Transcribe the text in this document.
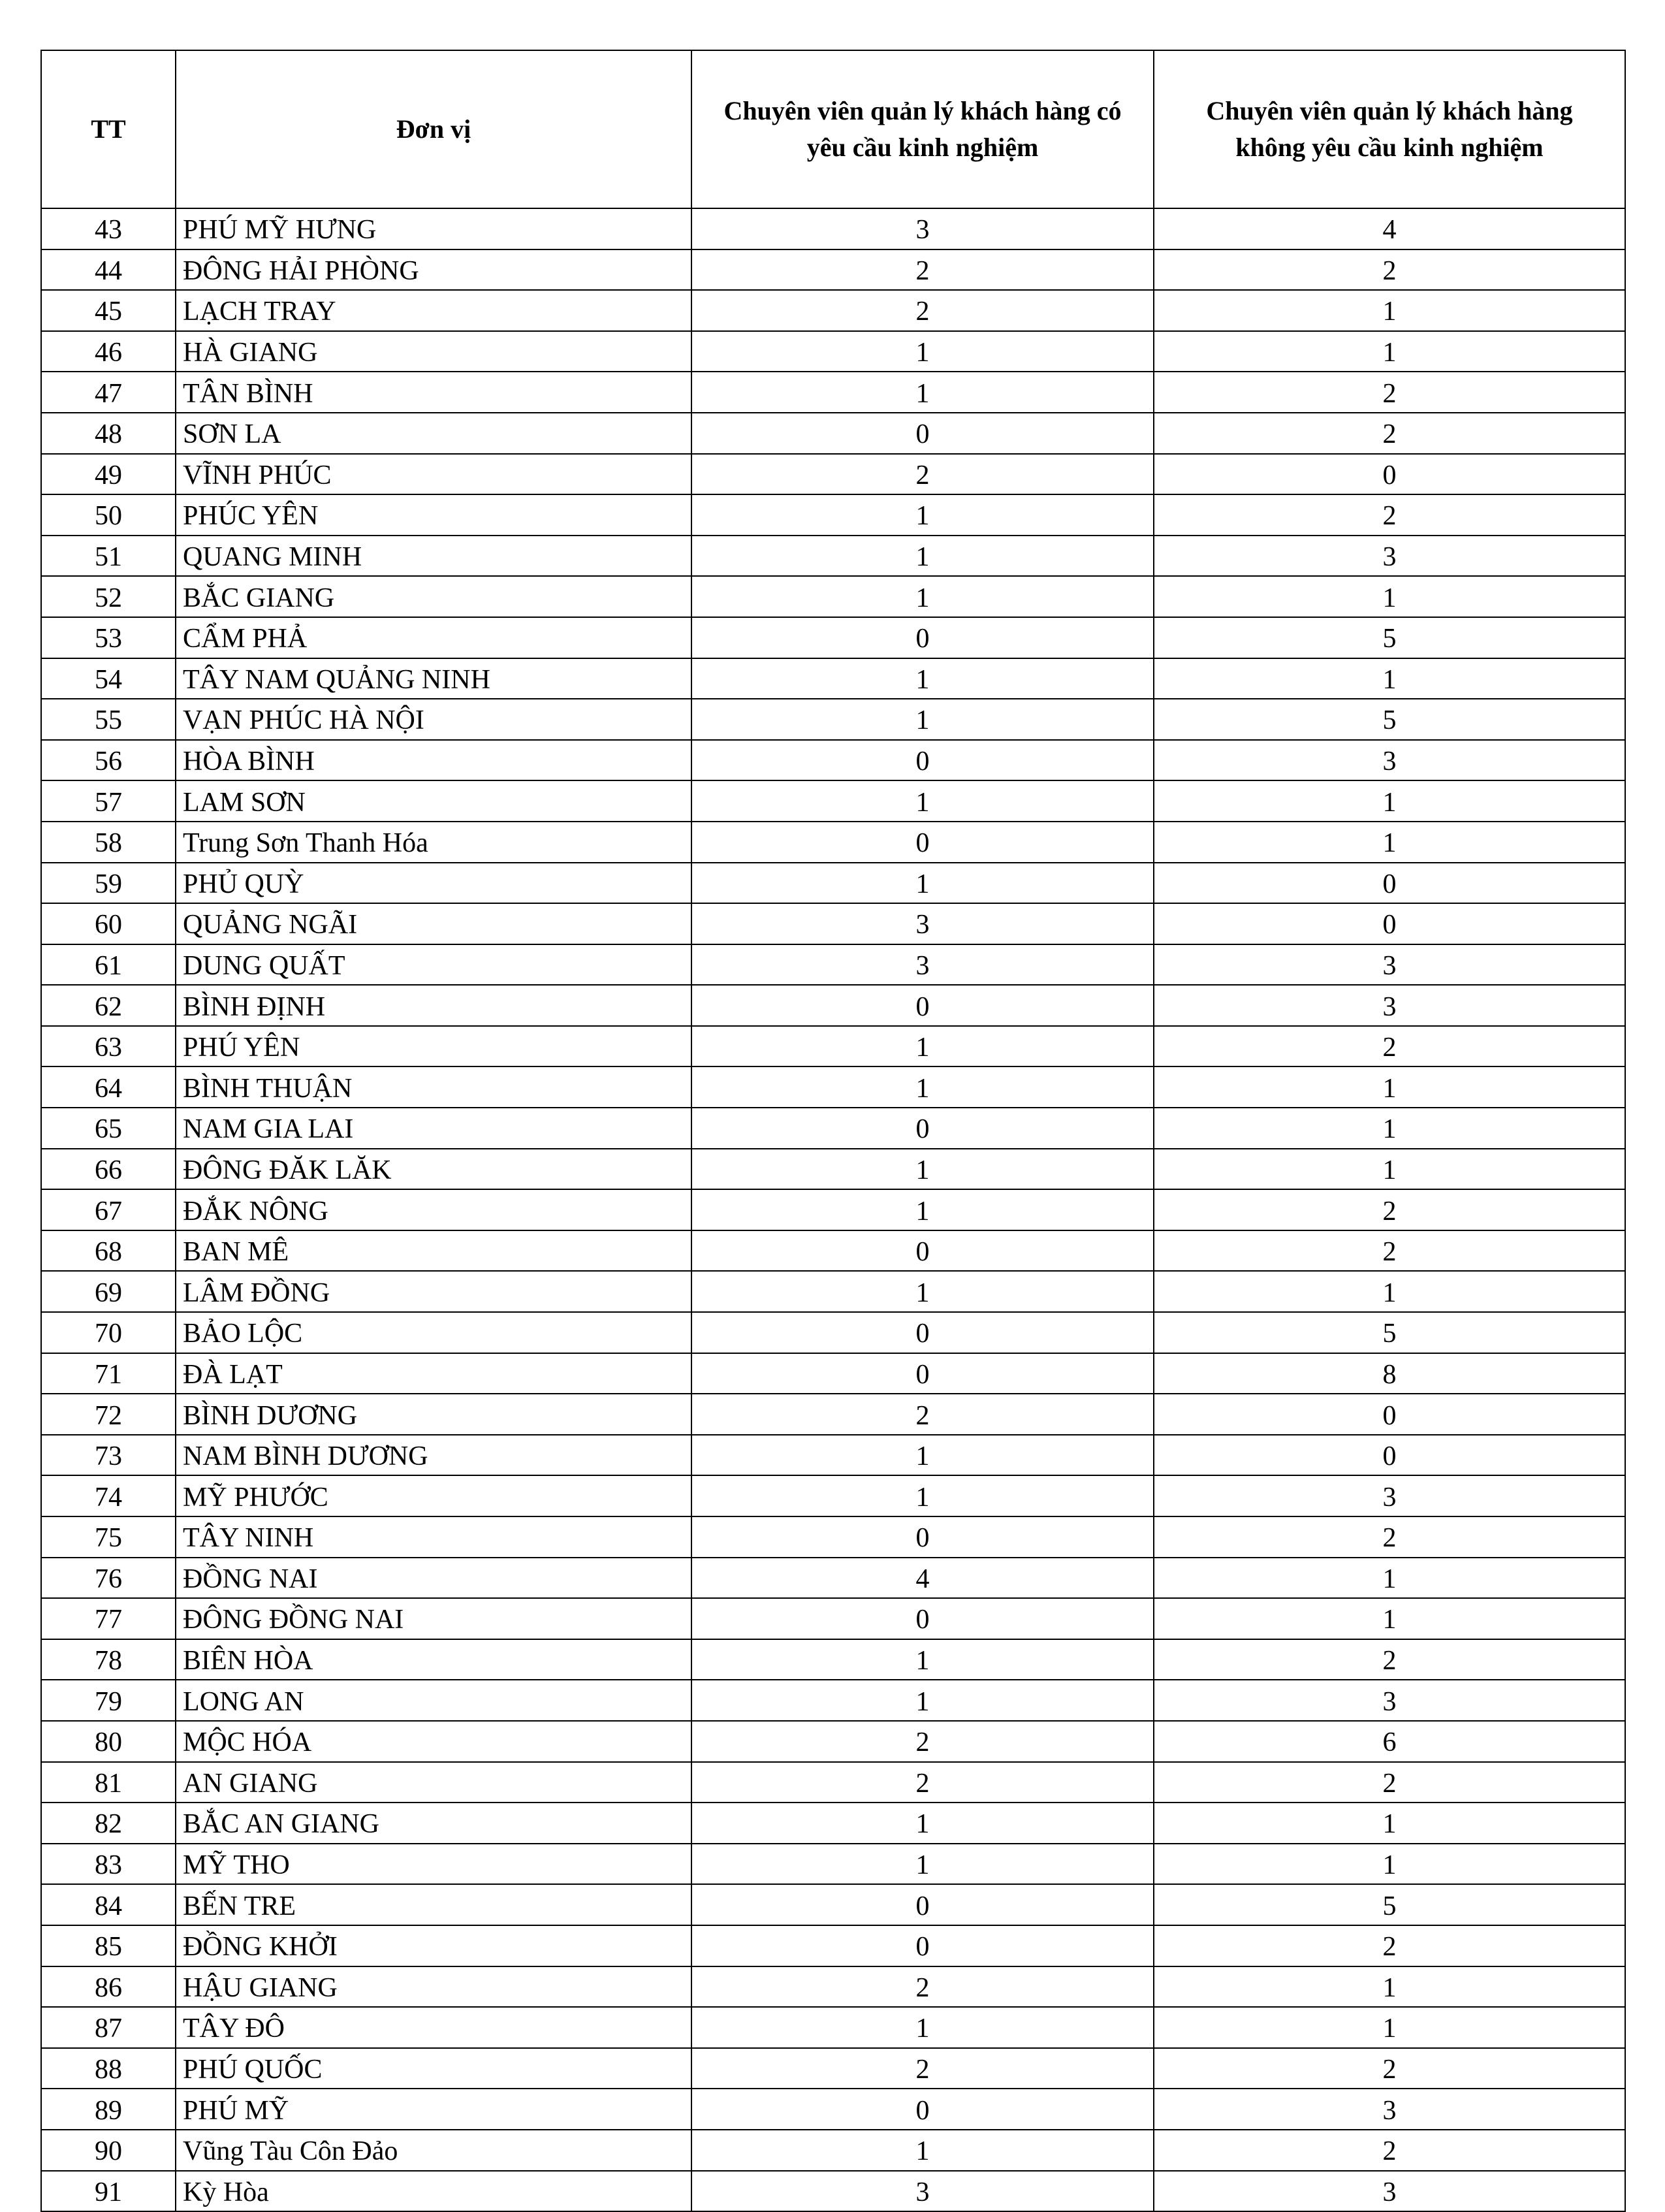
TT	Đơn vị	Chuyên viên quản lý khách hàng có yêu cầu kinh nghiệm	Chuyên viên quản lý khách hàng không yêu cầu kinh nghiệm
43	PHÚ MỸ HƯNG	3	4
44	ĐÔNG HẢI PHÒNG	2	2
45	LẠCH TRAY	2	1
46	HÀ GIANG	1	1
47	TÂN BÌNH	1	2
48	SƠN LA	0	2
49	VĨNH PHÚC	2	0
50	PHÚC YÊN	1	2
51	QUANG MINH	1	3
52	BẮC GIANG	1	1
53	CẨM PHẢ	0	5
54	TÂY NAM QUẢNG NINH	1	1
55	VẠN PHÚC HÀ NỘI	1	5
56	HÒA BÌNH	0	3
57	LAM SƠN	1	1
58	Trung Sơn Thanh Hóa	0	1
59	PHỦ QUỲ	1	0
60	QUẢNG NGÃI	3	0
61	DUNG QUẤT	3	3
62	BÌNH ĐỊNH	0	3
63	PHÚ YÊN	1	2
64	BÌNH THUẬN	1	1
65	NAM GIA LAI	0	1
66	ĐÔNG ĐĂK LĂK	1	1
67	ĐẮK NÔNG	1	2
68	BAN MÊ	0	2
69	LÂM ĐỒNG	1	1
70	BẢO LỘC	0	5
71	ĐÀ LẠT	0	8
72	BÌNH DƯƠNG	2	0
73	NAM BÌNH DƯƠNG	1	0
74	MỸ PHƯỚC	1	3
75	TÂY NINH	0	2
76	ĐỒNG NAI	4	1
77	ĐÔNG ĐỒNG NAI	0	1
78	BIÊN HÒA	1	2
79	LONG AN	1	3
80	MỘC HÓA	2	6
81	AN GIANG	2	2
82	BẮC AN GIANG	1	1
83	MỸ THO	1	1
84	BẾN TRE	0	5
85	ĐỒNG KHỞI	0	2
86	HẬU GIANG	2	1
87	TÂY ĐÔ	1	1
88	PHÚ QUỐC	2	2
89	PHÚ MỸ	0	3
90	Vũng Tàu Côn Đảo	1	2
91	Kỳ Hòa	3	3
